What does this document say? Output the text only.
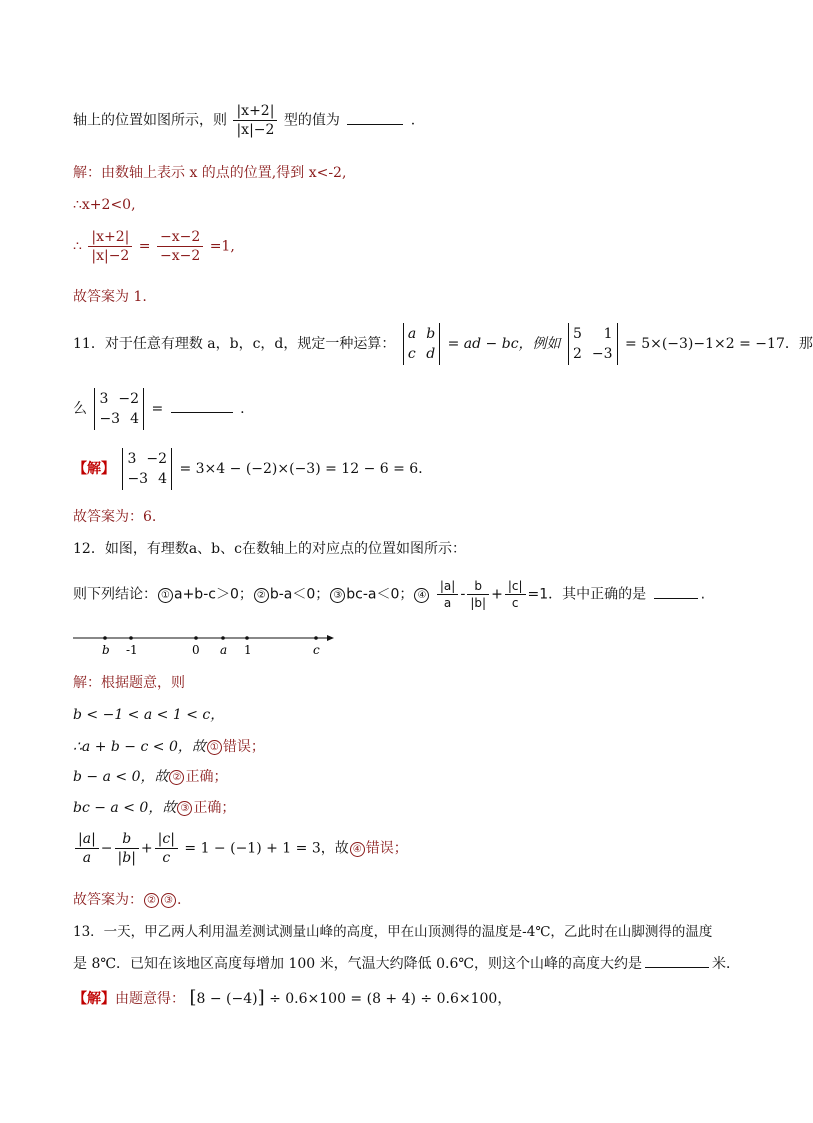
轴上的位置如图所示，则 $\frac{|x+2|}{|x|-2}$ 型的值为	.
解：由数轴上表示 x 的点的位置,得到 x<-2,
∴x+2<0,
∴ $\frac{|x+2|}{|x|-2} = \frac{-x-2}{-x-2} =1$,
故答案为 1.
11．对于任意有理数 a，b，c，d，规定一种运算：
a b
c d
= ad − bc，例如
5 1
2 −3
= 5×(−3)−1×2 = −17．那
么
3 −2
−3 4
=	.
【解】
3 −2
−3 4
= 3×4 − (−2)×(−3) = 12 − 6 = 6．
故答案为：6.
12．如图，有理数a、b、c在数轴上的对应点的位置如图所示：
则下列结论： ① a+b-c＞0； ② b-a＜0； ③ bc-a＜0； ④ $\frac{|a|}{a} - \frac{b}{|b|} + \frac{|c|}{c} =1$．其中正确的是	.
b -1	0 a 1	c
解：根据题意，则
b < −1 < a < 1 < c，
∴a + b − c < 0，故 ① 错误；
b − a < 0，故 ② 正确；
bc − a < 0，故 ③ 正确；
$\frac{|a|}{a} - \frac{b}{|b|} + \frac{|c|}{c} = 1 - (-1) + 1 = 3$，故 ④ 错误；
故答案为： ② ③ .
13．一天，甲乙两人利用温差测试测量山峰的高度，甲在山顶测得的温度是-4℃，乙此时在山脚测得的温度
是 8℃．已知在该地区高度每增加 100 米，气温大约降低 0.6℃，则这个山峰的高度大约是	米．
【解】由题意得： [8 − (−4)] ÷ 0.6×100 = (8 + 4) ÷ 0.6×100，
